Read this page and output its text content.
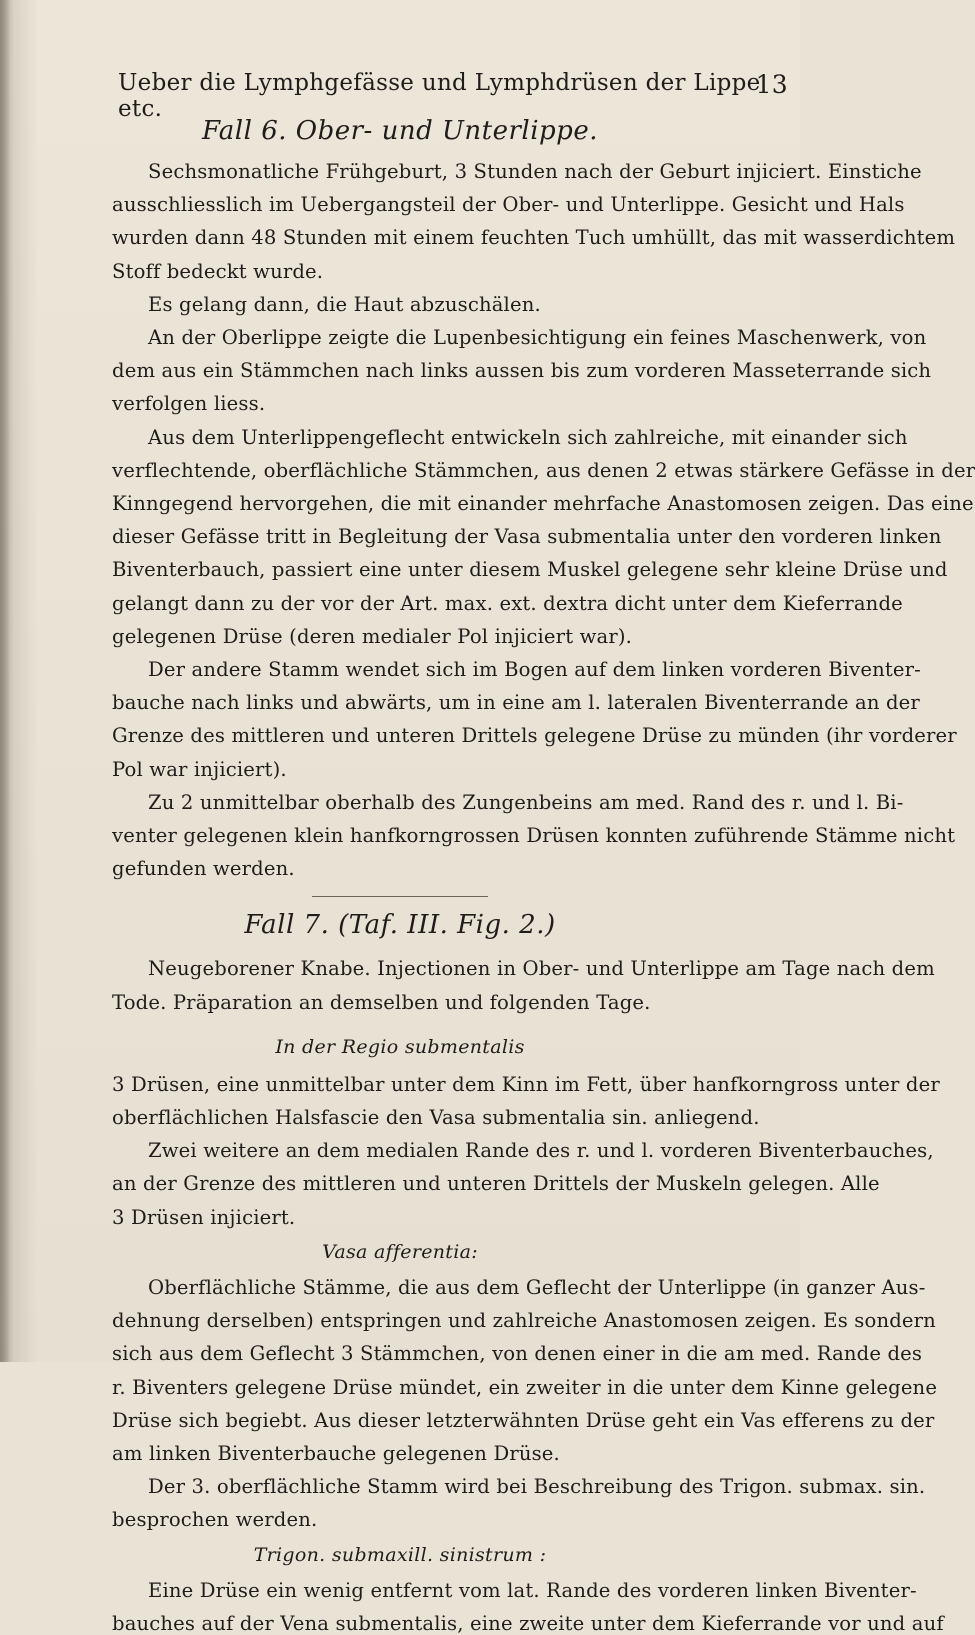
Ueber die Lymphgefässe und Lymphdrüsen der Lippe etc.
13
Fall 6. Ober- und Unterlippe.
Sechsmonatliche Frühgeburt, 3 Stunden nach der Geburt injiciert. Einstiche
ausschliesslich im Uebergangsteil der Ober- und Unterlippe. Gesicht und Hals
wurden dann 48 Stunden mit einem feuchten Tuch umhüllt, das mit wasserdichtem
Stoff bedeckt wurde.
Es gelang dann, die Haut abzuschälen.
An der Oberlippe zeigte die Lupenbesichtigung ein feines Maschenwerk, von
dem aus ein Stämmchen nach links aussen bis zum vorderen Masseterrande sich
verfolgen liess.
Aus dem Unterlippengeflecht entwickeln sich zahlreiche, mit einander sich
verflechtende, oberflächliche Stämmchen, aus denen 2 etwas stärkere Gefässe in der
Kinngegend hervorgehen, die mit einander mehrfache Anastomosen zeigen. Das eine
dieser Gefässe tritt in Begleitung der Vasa submentalia unter den vorderen linken
Biventerbauch, passiert eine unter diesem Muskel gelegene sehr kleine Drüse und
gelangt dann zu der vor der Art. max. ext. dextra dicht unter dem Kieferrande
gelegenen Drüse (deren medialer Pol injiciert war).
Der andere Stamm wendet sich im Bogen auf dem linken vorderen Biventer-
bauche nach links und abwärts, um in eine am l. lateralen Biventerrande an der
Grenze des mittleren und unteren Drittels gelegene Drüse zu münden (ihr vorderer
Pol war injiciert).
Zu 2 unmittelbar oberhalb des Zungenbeins am med. Rand des r. und l. Bi-
venter gelegenen klein hanfkorngrossen Drüsen konnten zuführende Stämme nicht
gefunden werden.
Fall 7. (Taf. III. Fig. 2.)
Neugeborener Knabe. Injectionen in Ober- und Unterlippe am Tage nach dem
Tode. Präparation an demselben und folgenden Tage.
In der Regio submentalis
3 Drüsen, eine unmittelbar unter dem Kinn im Fett, über hanfkorngross unter der
oberflächlichen Halsfascie den Vasa submentalia sin. anliegend.
Zwei weitere an dem medialen Rande des r. und l. vorderen Biventerbauches,
an der Grenze des mittleren und unteren Drittels der Muskeln gelegen. Alle
3 Drüsen injiciert.
Vasa afferentia:
Oberflächliche Stämme, die aus dem Geflecht der Unterlippe (in ganzer Aus-
dehnung derselben) entspringen und zahlreiche Anastomosen zeigen. Es sondern
sich aus dem Geflecht 3 Stämmchen, von denen einer in die am med. Rande des
r. Biventers gelegene Drüse mündet, ein zweiter in die unter dem Kinne gelegene
Drüse sich begiebt. Aus dieser letzterwähnten Drüse geht ein Vas efferens zu der
am linken Biventerbauche gelegenen Drüse.
Der 3. oberflächliche Stamm wird bei Beschreibung des Trigon. submax. sin.
besprochen werden.
Trigon. submaxill. sinistrum :
Eine Drüse ein wenig entfernt vom lat. Rande des vorderen linken Biventer-
bauches auf der Vena submentalis, eine zweite unter dem Kieferrande vor und auf
